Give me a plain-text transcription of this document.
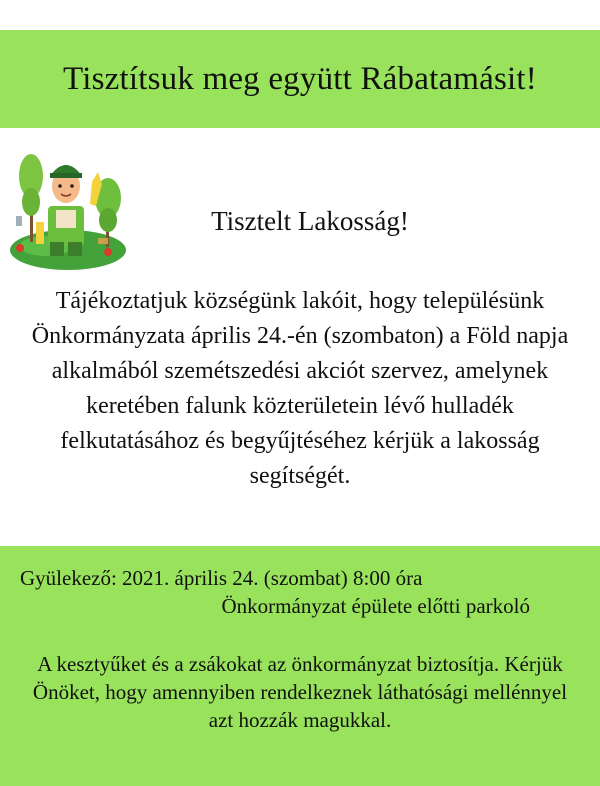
Tisztítsuk meg együtt Rábatamásit!
Tisztelt Lakosság!

Tájékoztatjuk községünk lakóit, hogy településünk Önkormányzata április 24.-én (szombaton) a Föld napja alkalmából szemétszedési akciót szervez, amelynek keretében falunk közterületein lévő hulladék felkutatásához és begyűjtéséhez kérjük a lakosság segítségét.

Gyülekező: 2021. április 24. (szombat) 8:00 óra

Önkormányzat épülete előtti parkoló

A kesztyűket és a zsákokat az önkormányzat biztosítja. Kérjük Önöket, hogy amennyiben rendelkeznek láthatósági mellénnyel azt hozzák magukkal.
